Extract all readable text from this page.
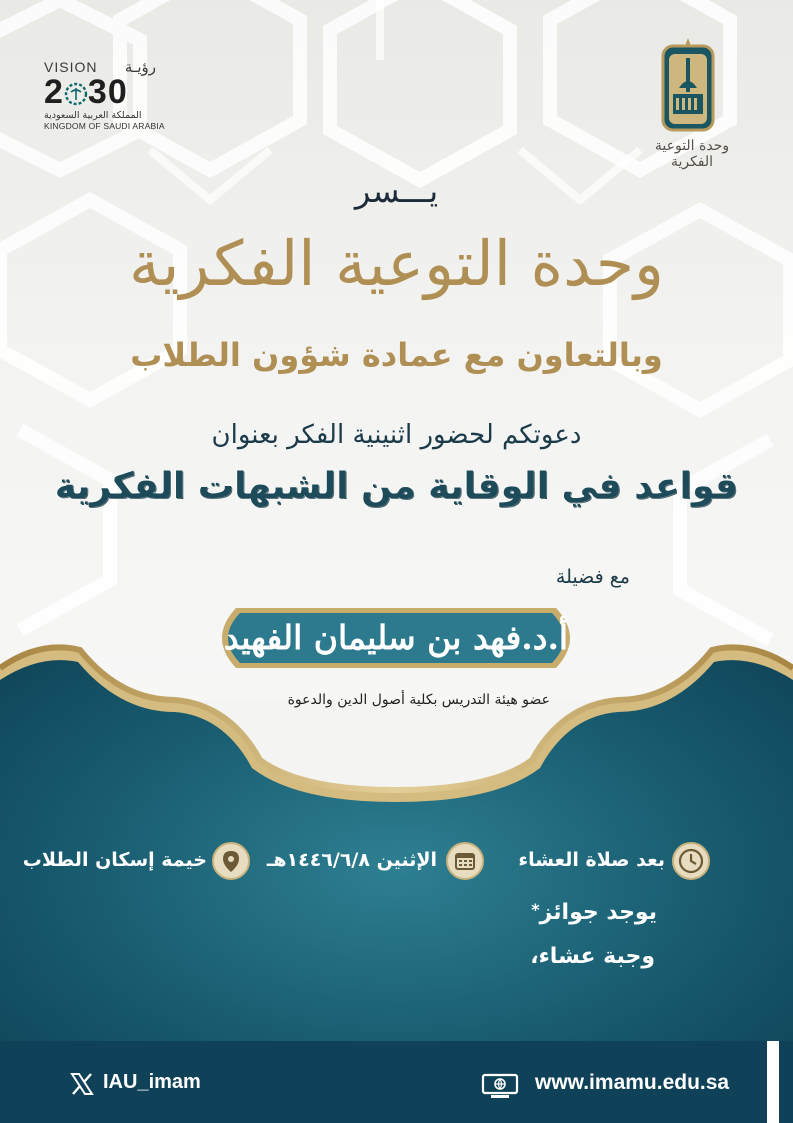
VISION رؤيـة
2 30
المملكة العربية السعودية
KINGDOM OF SAUDI ARABIA
وحدة التوعية الفكرية
يـــسر
وحدة التوعية الفكرية
وبالتعاون مع عمادة شؤون الطلاب
دعوتكم لحضور اثنينية الفكر بعنوان
قواعد في الوقاية من الشبهات الفكرية
مع فضيلة
أ.د.فهد بن سليمان الفهيد
عضو هيئة التدريس بكلية أصول الدين والدعوة
بعد صلاة العشاء
الإثنين ١٤٤٦/٦/٨هـ
خيمة إسكان الطلاب
*يوجد جوائز
،وجبة عشاء
IAU_imam	www.imamu.edu.sa
